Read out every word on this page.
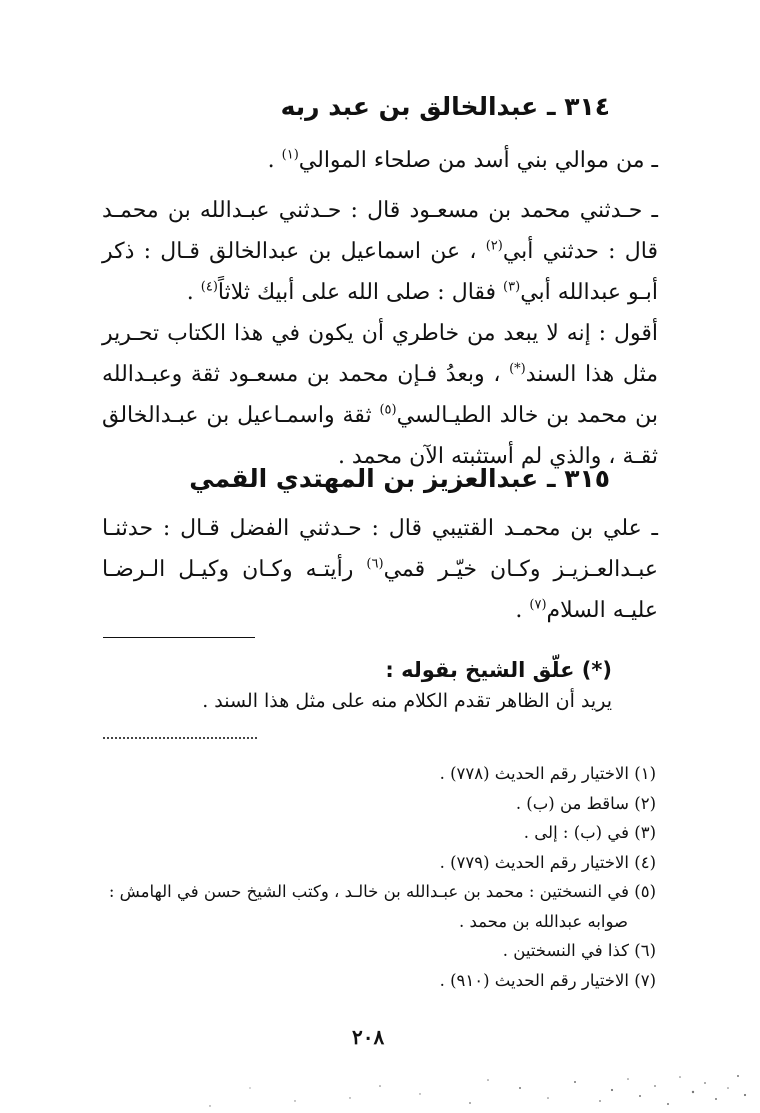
٣١٤ ـ عبدالخالق بن عبد ربه
ـ من موالي بني أسد من صلحاء الموالي$^{(١)}$ .
ـ حـدثني محمد بن مسعـود قال : حـدثني عبـدالله بن محمـد قال : حدثني أبي$^{(٢)}$ ، عن اسماعيل بن عبدالخالق قـال : ذكر أبـو عبدالله أبي$^{(٣)}$ فقال : صلى الله على أبيك ثلاثاً$^{(٤)}$ .
أقول : إنه لا يبعد من خاطري أن يكون في هذا الكتاب تحـرير مثل هذا السند(*) ، وبعدُ فـإن محمد بن مسعـود ثقة وعبـدالله بن محمد بن خالد الطيـالسي$^{(٥)}$ ثقة واسمـاعيل بن عبـدالخالق ثقـة ، والذي لم أستثبته الآن محمد .
٣١٥ ـ عبدالعزيز بن المهتدي القمي
ـ علي بن محمـد القتيبي قال : حـدثني الفضل قـال : حدثنـا عبـدالعـزيـز وكـان خيّـر قمي$^{(٦)}$ رأيتـه وكـان وكيـل الـرضـا عليـه السلام$^{(٧)}$ .
(*) علّق الشيخ بقوله :
يريد أن الظاهر تقدم الكلام منه على مثل هذا السند .
(١) الاختيار رقم الحديث (٧٧٨) .
(٢) ساقط من (ب) .
(٣) في (ب) : إلى .
(٤) الاختيار رقم الحديث (٧٧٩) .
(٥) في النسختين : محمد بن عبـدالله بن خالـد ، وكتب الشيخ حسن في الهامش :
صوابه عبدالله بن محمد .
(٦) كذا في النسختين .
(٧) الاختيار رقم الحديث (٩١٠) .
٢٠٨
